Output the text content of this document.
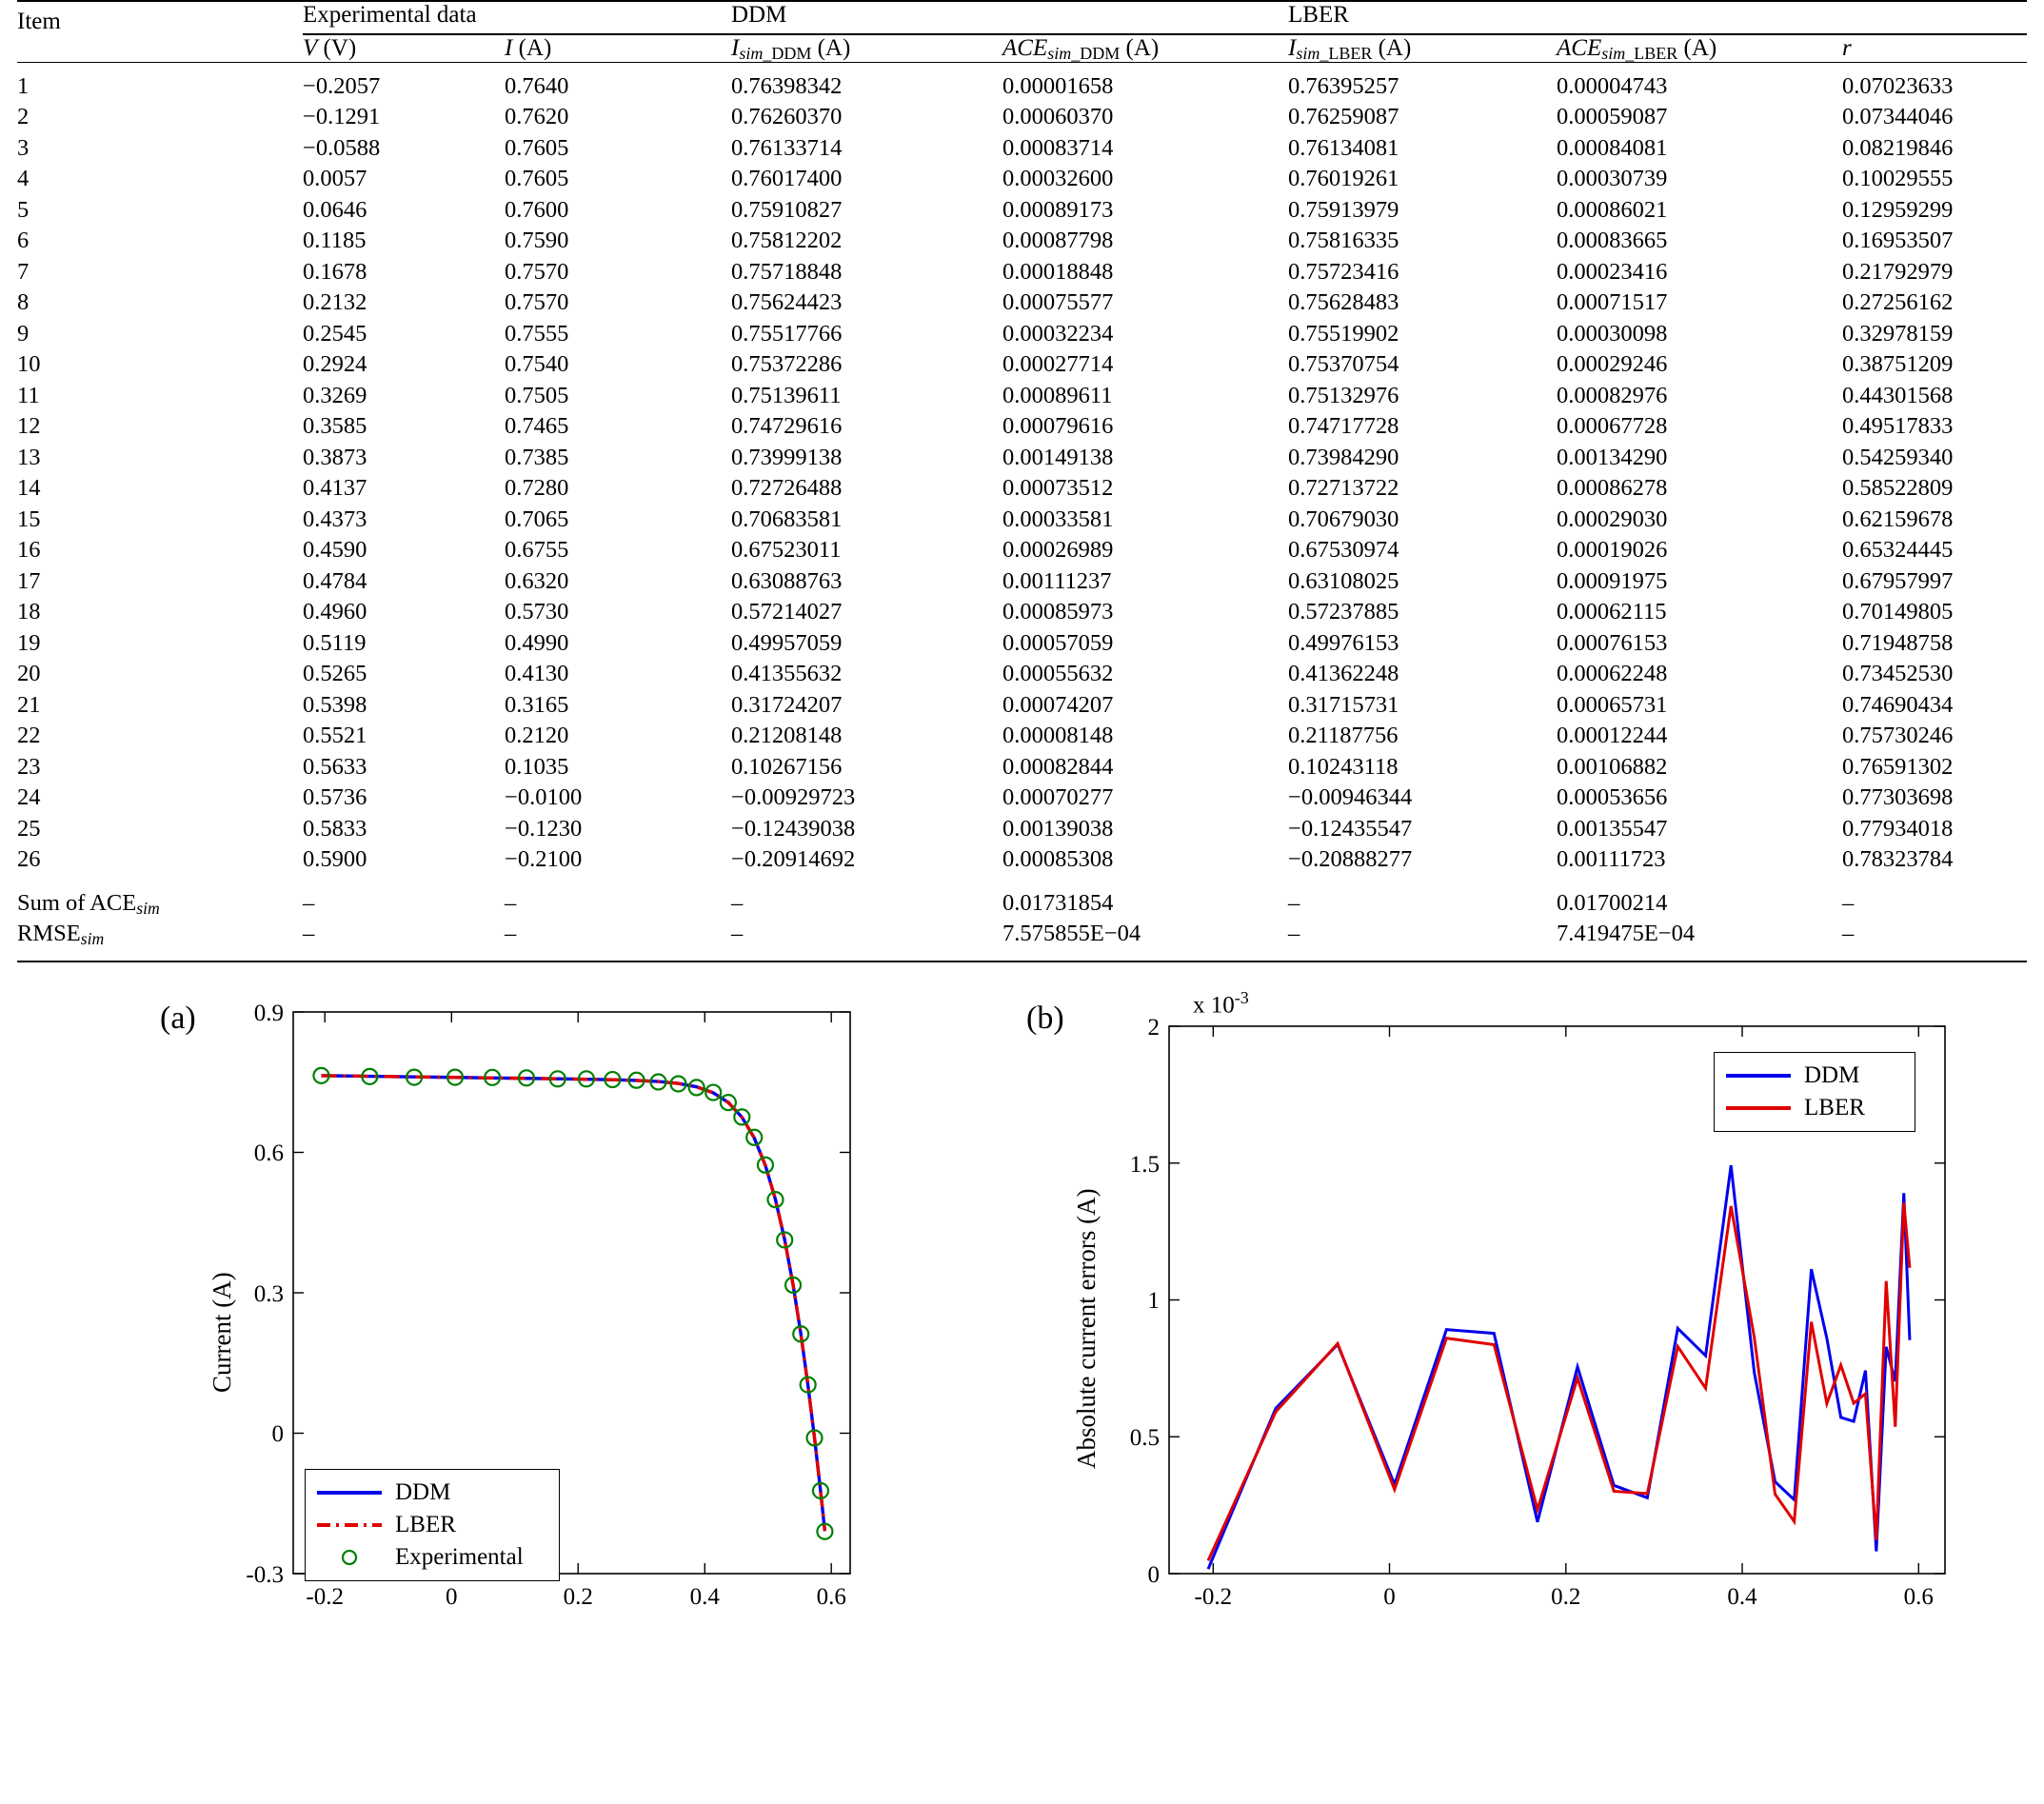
Item	Experimental data		DDM		LBER		

	V (V)	I (A)	Isim_DDM (A)	ACEsim_DDM (A)	Isim_LBER (A)	ACEsim_LBER (A)	r
1	−0.2057	0.7640	0.76398342	0.00001658	0.76395257	0.00004743	0.07023633
2	−0.1291	0.7620	0.76260370	0.00060370	0.76259087	0.00059087	0.07344046
3	−0.0588	0.7605	0.76133714	0.00083714	0.76134081	0.00084081	0.08219846
4	0.0057	0.7605	0.76017400	0.00032600	0.76019261	0.00030739	0.10029555
5	0.0646	0.7600	0.75910827	0.00089173	0.75913979	0.00086021	0.12959299
6	0.1185	0.7590	0.75812202	0.00087798	0.75816335	0.00083665	0.16953507
7	0.1678	0.7570	0.75718848	0.00018848	0.75723416	0.00023416	0.21792979
8	0.2132	0.7570	0.75624423	0.00075577	0.75628483	0.00071517	0.27256162
9	0.2545	0.7555	0.75517766	0.00032234	0.75519902	0.00030098	0.32978159
10	0.2924	0.7540	0.75372286	0.00027714	0.75370754	0.00029246	0.38751209
11	0.3269	0.7505	0.75139611	0.00089611	0.75132976	0.00082976	0.44301568
12	0.3585	0.7465	0.74729616	0.00079616	0.74717728	0.00067728	0.49517833
13	0.3873	0.7385	0.73999138	0.00149138	0.73984290	0.00134290	0.54259340
14	0.4137	0.7280	0.72726488	0.00073512	0.72713722	0.00086278	0.58522809
15	0.4373	0.7065	0.70683581	0.00033581	0.70679030	0.00029030	0.62159678
16	0.4590	0.6755	0.67523011	0.00026989	0.67530974	0.00019026	0.65324445
17	0.4784	0.6320	0.63088763	0.00111237	0.63108025	0.00091975	0.67957997
18	0.4960	0.5730	0.57214027	0.00085973	0.57237885	0.00062115	0.70149805
19	0.5119	0.4990	0.49957059	0.00057059	0.49976153	0.00076153	0.71948758
20	0.5265	0.4130	0.41355632	0.00055632	0.41362248	0.00062248	0.73452530
21	0.5398	0.3165	0.31724207	0.00074207	0.31715731	0.00065731	0.74690434
22	0.5521	0.2120	0.21208148	0.00008148	0.21187756	0.00012244	0.75730246
23	0.5633	0.1035	0.10267156	0.00082844	0.10243118	0.00106882	0.76591302
24	0.5736	−0.0100	−0.00929723	0.00070277	−0.00946344	0.00053656	0.77303698
25	0.5833	−0.1230	−0.12439038	0.00139038	−0.12435547	0.00135547	0.77934018
26	0.5900	−0.2100	−0.20914692	0.00085308	−0.20888277	0.00111723	0.78323784
Sum of ACEsim	–	–	–	0.01731854	–	0.01700214	–
RMSEsim	–	–	–	7.575855E−04	–	7.419475E−04	–
(a)
Current (A)
0.9
0.6
0.3
0
-0.3
-0.2	0	0.2	0.4	0.6
DDM
LBER
Experimental
(b)
Absolute current errors (A)
x $10^{-3}$
2
1.5
1
0.5
0
-0.2	0	0.2	0.4	0.6
DDM
LBER
